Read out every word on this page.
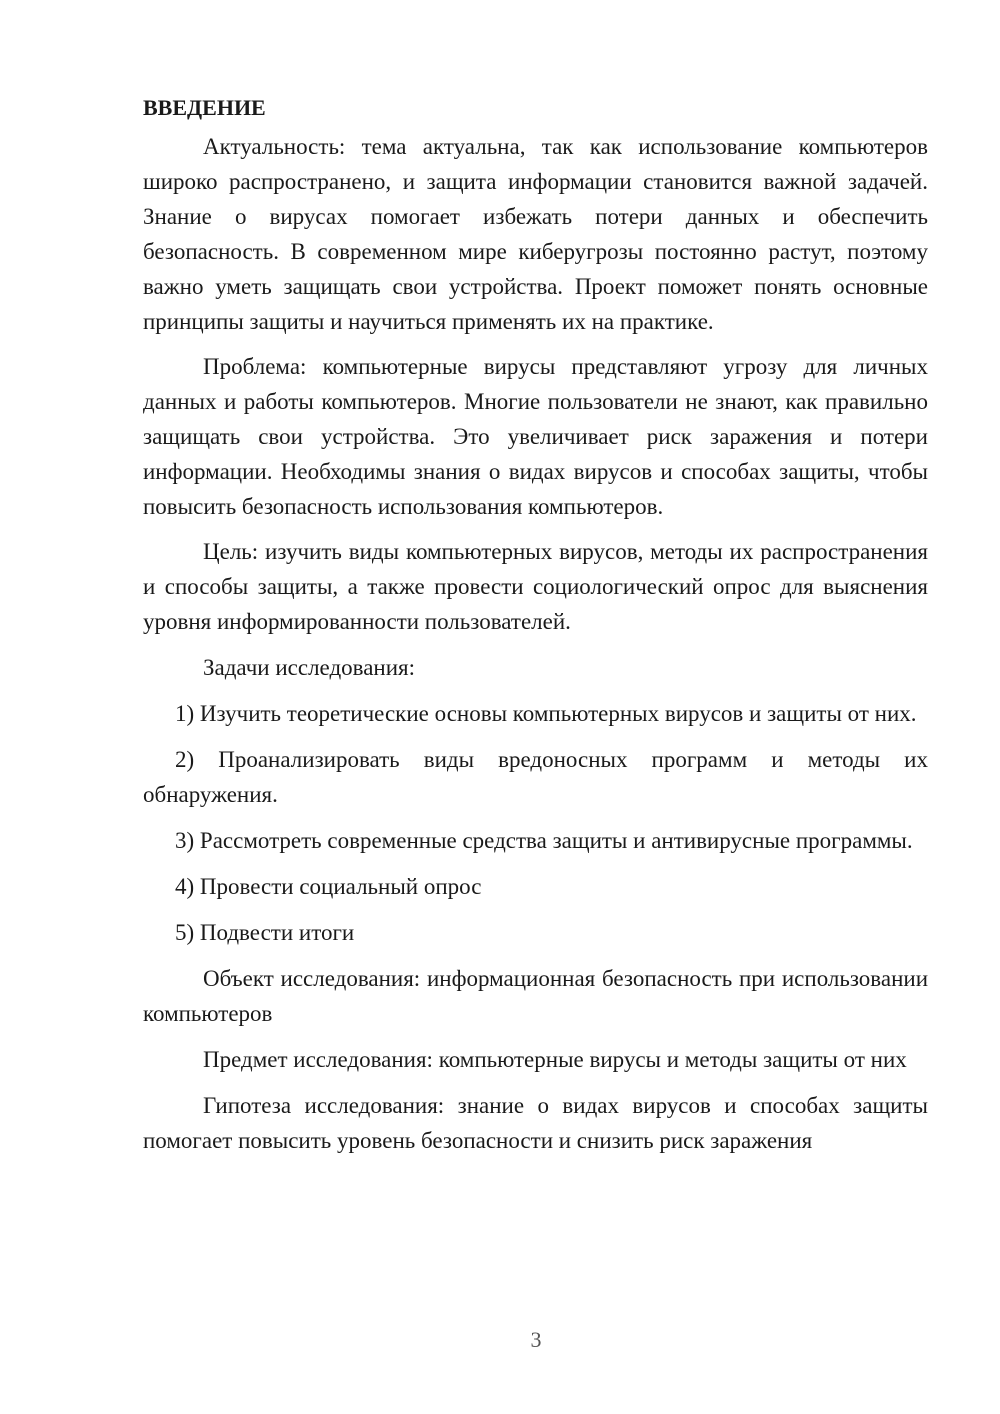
ВВЕДЕНИЕ

Актуальность: тема актуальна, так как использование компьютеров широко распространено, и защита информации становится важной задачей. Знание о вирусах помогает избежать потери данных и обеспечить безопасность. В современном мире киберугрозы постоянно растут, поэтому важно уметь защищать свои устройства. Проект поможет понять основные принципы защиты и научиться применять их на практике.

Проблема: компьютерные вирусы представляют угрозу для личных данных и работы компьютеров. Многие пользователи не знают, как правильно защищать свои устройства. Это увеличивает риск заражения и потери информации. Необходимы знания о видах вирусов и способах защиты, чтобы повысить безопасность использования компьютеров.

Цель: изучить виды компьютерных вирусов, методы их распространения и способы защиты, а также провести социологический опрос для выяснения уровня информированности пользователей.

Задачи исследования:

1) Изучить теоретические основы компьютерных вирусов и защиты от них.

2) Проанализировать виды вредоносных программ и методы их обнаружения.

3) Рассмотреть современные средства защиты и антивирусные программы.

4) Провести социальный опрос

5) Подвести итоги

Объект исследования: информационная безопасность при использовании компьютеров

Предмет исследования: компьютерные вирусы и методы защиты от них

Гипотеза исследования: знание о видах вирусов и способах защиты помогает повысить уровень безопасности и снизить риск заражения

3
